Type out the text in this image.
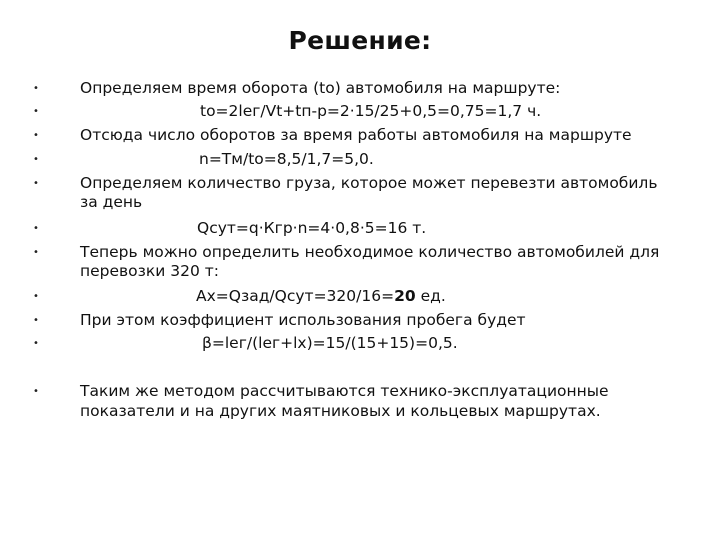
Решение:
•	Определяем время оборота (tо) автомобиля на маршруте:
•	tо=2lег/Vt+tп-р=2·15/25+0,5=0,75=1,7 ч.
•	Отсюда число оборотов за время работы автомобиля на маршруте
•	n=Тм/tо=8,5/1,7=5,0.
•	Определяем количество груза, которое может перевезти автомобиль
за день
•	Qсут=q·Кгр·n=4·0,8·5=16 т.
•	Теперь можно определить необходимое количество автомобилей для
перевозки 320 т:
•	Ах=Qзад/Qсут=320/16=20 ед.
•	При этом коэффициент использования пробега будет
•	β=lег/(lег+lх)=15/(15+15)=0,5.
•	Таким же методом рассчитываются технико-эксплуатационные
показатели и на других маятниковых и кольцевых маршрутах.
